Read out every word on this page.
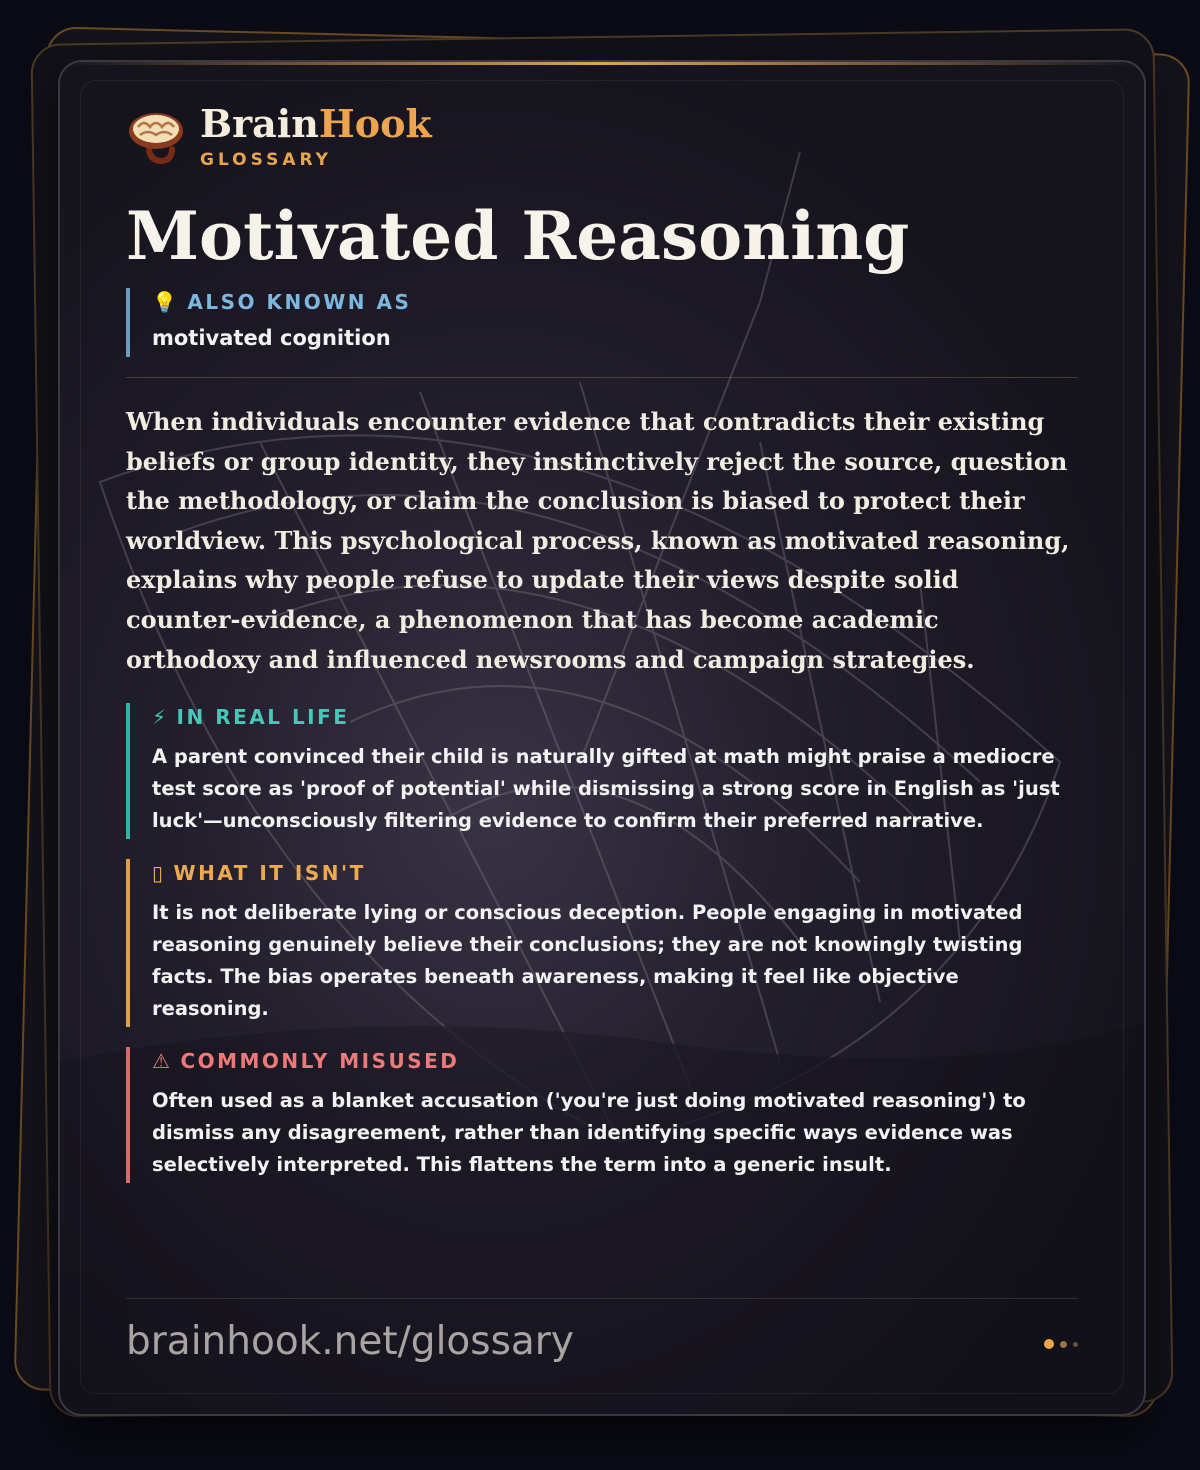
BrainHook
GLOSSARY
Motivated Reasoning
💡 ALSO KNOWN AS
motivated cognition
When individuals encounter evidence that contradicts their existing beliefs or group identity, they instinctively reject the source, question the methodology, or claim the conclusion is biased to protect their worldview. This psychological process, known as motivated reasoning, explains why people refuse to update their views despite solid counter-evidence, a phenomenon that has become academic orthodoxy and influenced newsrooms and campaign strategies.
⚡ IN REAL LIFE
A parent convinced their child is naturally gifted at math might praise a mediocre test score as 'proof of potential' while dismissing a strong score in English as 'just luck'—unconsciously filtering evidence to confirm their preferred narrative.
▯ WHAT IT ISN'T
It is not deliberate lying or conscious deception. People engaging in motivated reasoning genuinely believe their conclusions; they are not knowingly twisting facts. The bias operates beneath awareness, making it feel like objective reasoning.
⚠ COMMONLY MISUSED
Often used as a blanket accusation ('you're just doing motivated reasoning') to dismiss any disagreement, rather than identifying specific ways evidence was selectively interpreted. This flattens the term into a generic insult.
brainhook.net/glossary
